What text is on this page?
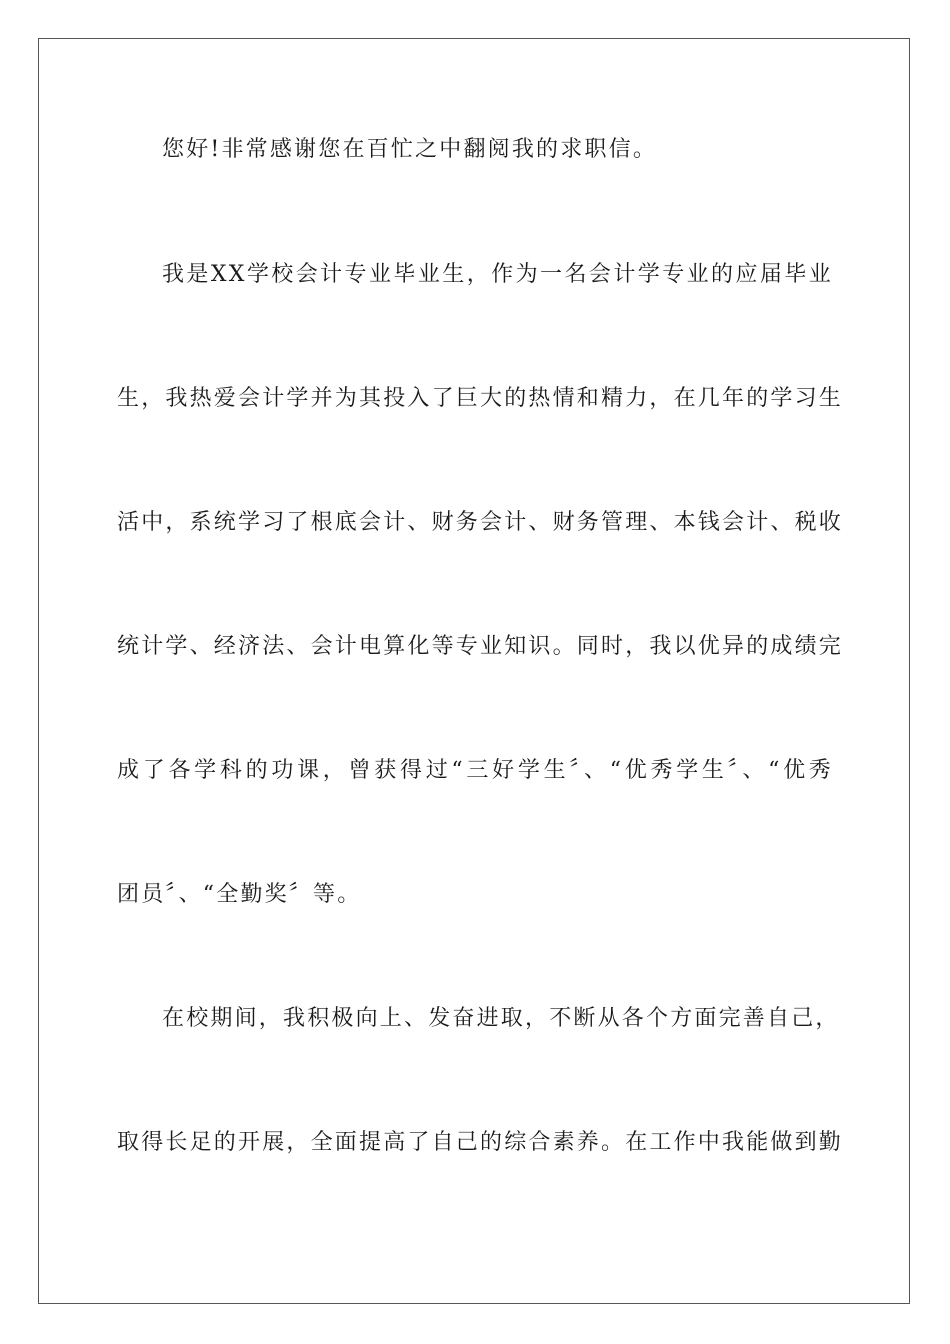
您好!非常感谢您在百忙之中翻阅我的求职信。
我是XX学校会计专业毕业生，作为一名会计学专业的应届毕业
生，我热爱会计学并为其投入了巨大的热情和精力，在几年的学习生
活中，系统学习了根底会计、财务会计、财务管理、本钱会计、税收
统计学、经济法、会计电算化等专业知识。同时，我以优异的成绩完
成了各学科的功课，曾获得过“三好学生〞、“优秀学生〞、“优秀
团员〞、“全勤奖〞等。
在校期间，我积极向上、发奋进取，不断从各个方面完善自己，
取得长足的开展，全面提高了自己的综合素养。在工作中我能做到勤
